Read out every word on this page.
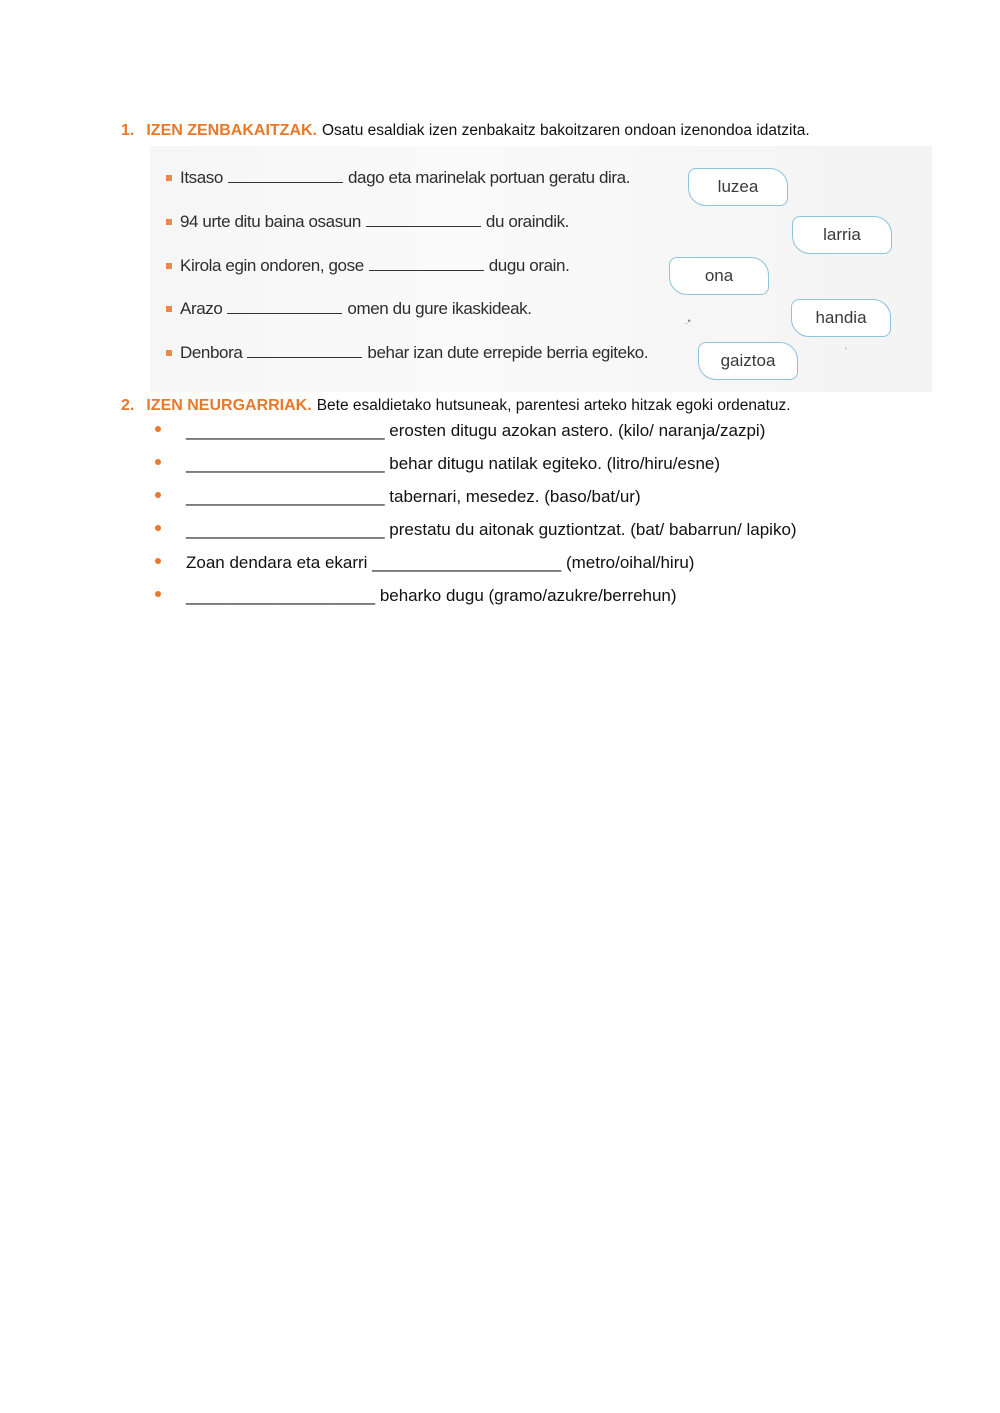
1. IZEN ZENBAKAITZAK. Osatu esaldiak izen zenbakaitz bakoitzaren ondoan izenondoa idatzita.
Itsaso	dago eta marinelak portuan geratu dira.
94 urte ditu baina osasun	du oraindik.
Kirola egin ondoren, gose	dugu orain.
Arazo	omen du gure ikaskideak.
Denbora	behar izan dute errepide berria egiteko.
luzea
larria
ona
handia
gaiztoa
.•
'
2. IZEN NEURGARRIAK. Bete esaldietako hutsuneak, parentesi arteko hitzak egoki ordenatuz.
_____________________ erosten ditugu azokan astero. (kilo/ naranja/zazpi)
_____________________ behar ditugu natilak egiteko. (litro/hiru/esne)
_____________________ tabernari, mesedez. (baso/bat/ur)
_____________________ prestatu du aitonak guztiontzat. (bat/ babarrun/ lapiko)
Zoan dendara eta ekarri ____________________ (metro/oihal/hiru)
____________________ beharko dugu (gramo/azukre/berrehun)
